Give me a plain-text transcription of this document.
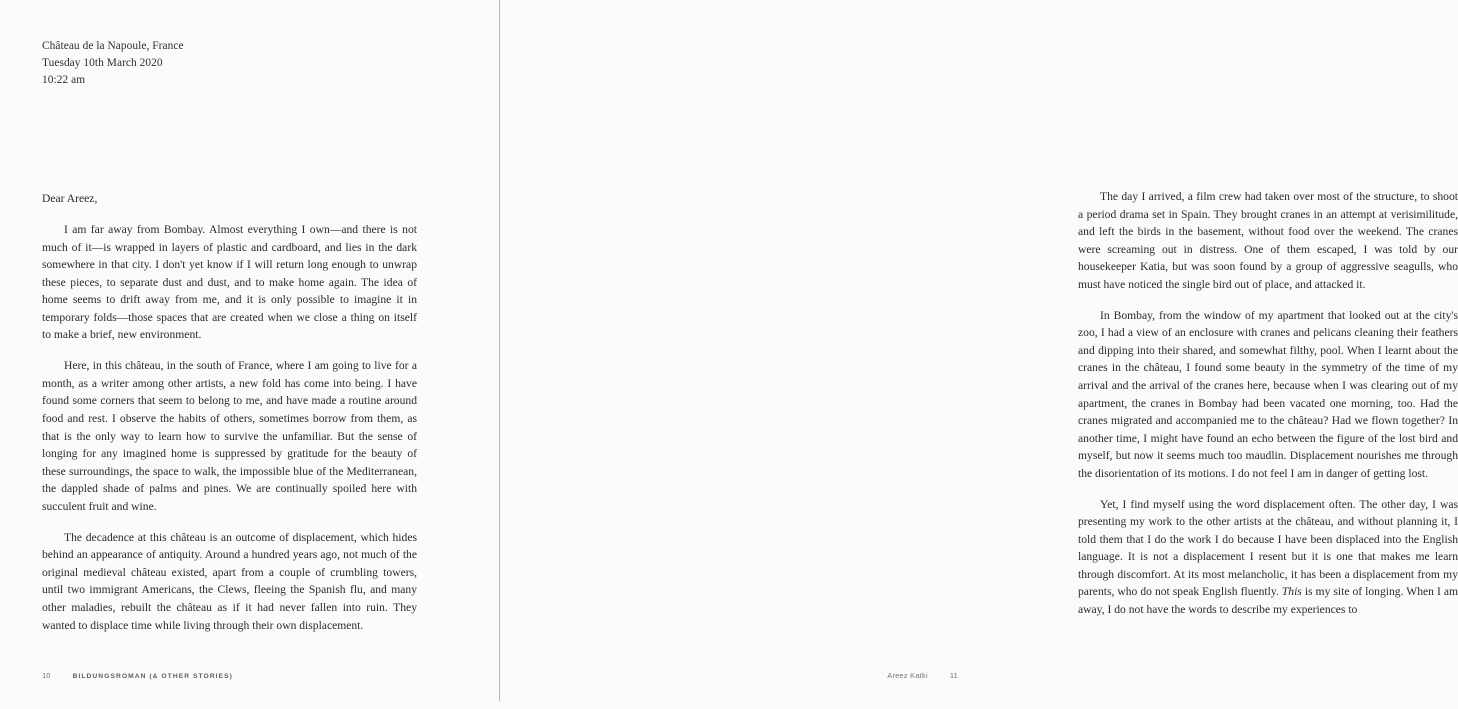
Château de la Napoule, France
Tuesday 10th March 2020
10:22 am

Dear Areez,

I am far away from Bombay. Almost everything I own—and there is not much of it—is wrapped in layers of plastic and cardboard, and lies in the dark somewhere in that city. I don't yet know if I will return long enough to unwrap these pieces, to separate dust and dust, and to make home again. The idea of home seems to drift away from me, and it is only possible to imagine it in temporary folds—those spaces that are created when we close a thing on itself to make a brief, new environment.

Here, in this château, in the south of France, where I am going to live for a month, as a writer among other artists, a new fold has come into being. I have found some corners that seem to belong to me, and have made a routine around food and rest. I observe the habits of others, sometimes borrow from them, as that is the only way to learn how to survive the unfamiliar. But the sense of longing for any imagined home is suppressed by gratitude for the beauty of these surroundings, the space to walk, the impossible blue of the Mediterranean, the dappled shade of palms and pines. We are continually spoiled here with succulent fruit and wine.

The decadence at this château is an outcome of displacement, which hides behind an appearance of antiquity. Around a hundred years ago, not much of the original medieval château existed, apart from a couple of crumbling towers, until two immigrant Americans, the Clews, fleeing the Spanish flu, and many other maladies, rebuilt the château as if it had never fallen into ruin. They wanted to displace time while living through their own displacement.

10	BILDUNGSROMAN (& OTHER STORIES)

The day I arrived, a film crew had taken over most of the structure, to shoot a period drama set in Spain. They brought cranes in an attempt at verisimilitude, and left the birds in the basement, without food over the weekend. The cranes were screaming out in distress. One of them escaped, I was told by our housekeeper Katia, but was soon found by a group of aggressive seagulls, who must have noticed the single bird out of place, and attacked it.

In Bombay, from the window of my apartment that looked out at the city's zoo, I had a view of an enclosure with cranes and pelicans cleaning their feathers and dipping into their shared, and somewhat filthy, pool. When I learnt about the cranes in the château, I found some beauty in the symmetry of the time of my arrival and the arrival of the cranes here, because when I was clearing out of my apartment, the cranes in Bombay had been vacated one morning, too. Had the cranes migrated and accompanied me to the château? Had we flown together? In another time, I might have found an echo between the figure of the lost bird and myself, but now it seems much too maudlin. Displacement nourishes me through the disorientation of its motions. I do not feel I am in danger of getting lost.

Yet, I find myself using the word displacement often. The other day, I was presenting my work to the other artists at the château, and without planning it, I told them that I do the work I do because I have been displaced into the English language. It is not a displacement I resent but it is one that makes me learn through discomfort. At its most melancholic, it has been a displacement from my parents, who do not speak English fluently. This is my site of longing. When I am away, I do not have the words to describe my experiences to

Areez Katki	11
